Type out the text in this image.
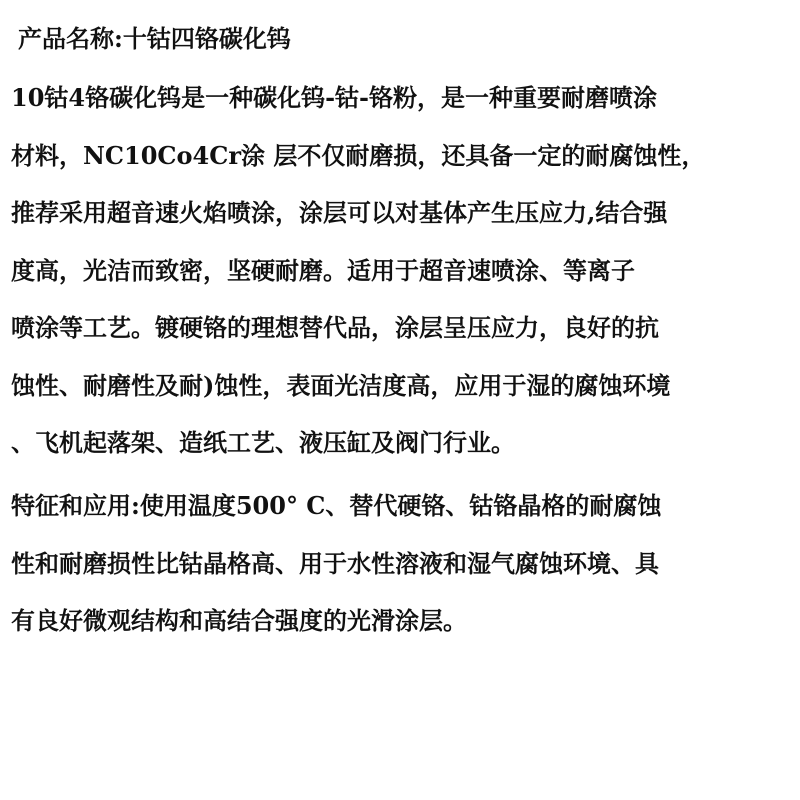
产品名称:十钴四铬碳化钨
10钴4铬碳化钨是一种碳化钨-钴-铬粉，是一种重要耐磨喷涂
材料，NC10Co4Cr涂 层不仅耐磨损，还具备一定的耐腐蚀性，
推荐采用超音速火焰喷涂，涂层可以对基体产生压应力,结合强
度高，光洁而致密，坚硬耐磨。适用于超音速喷涂、等离子
喷涂等工艺。镀硬铬的理想替代品，涂层呈压应力，良好的抗
蚀性、耐磨性及耐)蚀性，表面光洁度高，应用于湿的腐蚀环境
、飞机起落架、造纸工艺、液压缸及阀门行业。
特征和应用:使用温度500° C、替代硬铬、钴铬晶格的耐腐蚀
性和耐磨损性比钴晶格高、用于水性溶液和湿气腐蚀环境、具
有良好微观结构和高结合强度的光滑涂层。
